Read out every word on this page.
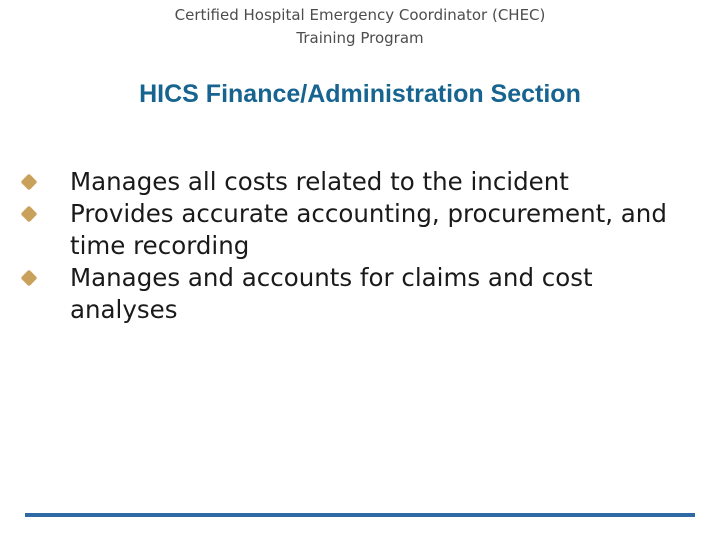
Certified Hospital Emergency Coordinator (CHEC)
Training Program
HICS Finance/Administration Section
Manages all costs related to the incident
Provides accurate accounting, procurement, and time recording
Manages and accounts for claims and cost analyses
